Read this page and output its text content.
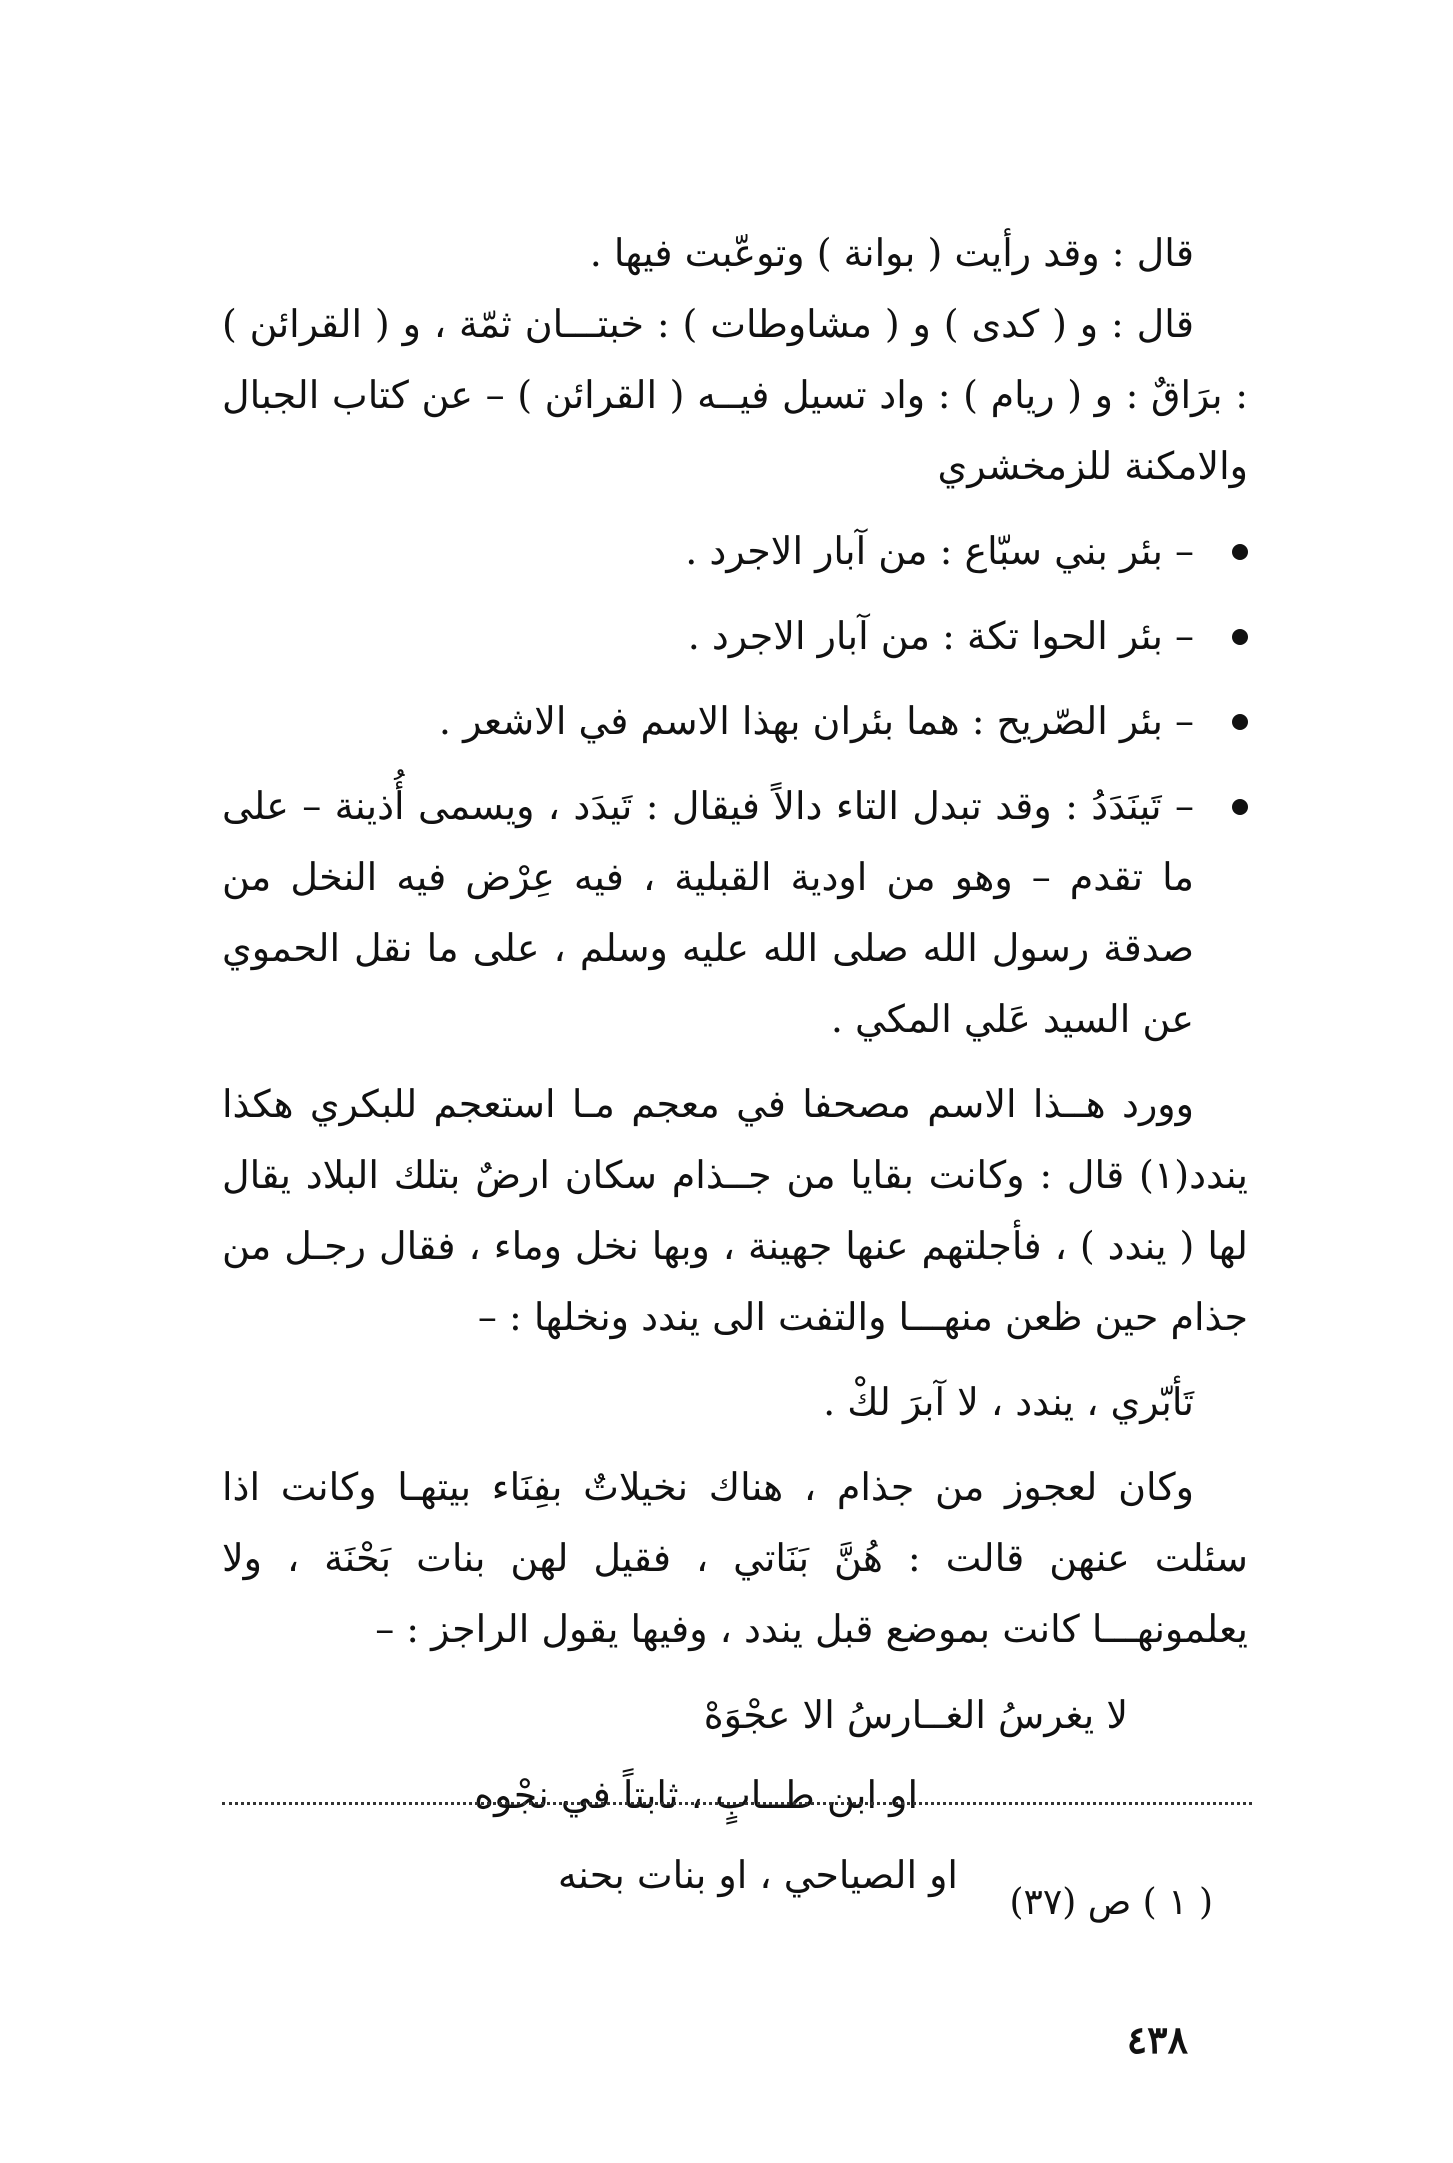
قال : وقد رأيت ( بوانة ) وتوعّبت فيها .

قال : و ( كدى ) و ( مشاوطات ) : خبتـــان ثمّة ، و ( القرائن ) : برَاقٌ : و ( ريام ) : واد تسيل فيــه ( القرائن ) – عن كتاب الجبال والامكنة للزمخشري

– بئر بني سبّاع : من آبار الاجرد .
– بئر الحوا تكة : من آبار الاجرد .
– بئر الصّريح : هما بئران بهذا الاسم في الاشعر .
– تَينَدَدُ : وقد تبدل التاء دالاً فيقال : تَيدَد ، ويسمى أُذينة – على ما تقدم – وهو من اودية القبلية ، فيه عِرْض فيه النخل من صدقة رسول الله صلى الله عليه وسلم ، على ما نقل الحموي عن السيد عَلي المكي .

وورد هــذا الاسم مصحفا في معجم مـا استعجم للبكري هكذا يندد(١) قال : وكانت بقايا من جــذام سكان ارضٌ بتلك البلاد يقال لها ( يندد ) ، فأجلتهم عنها جهينة ، وبها نخل وماء ، فقال رجـل من جذام حين ظعن منهـــا والتفت الى يندد ونخلها : –

تَأبّري ، يندد ، لا آبرَ لكْ .

وكان لعجوز من جذام ، هناك نخيلاتٌ بفِنَاء بيتهـا وكانت اذا سئلت عنهن قالت : هُنَّ بَنَاتي ، فقيل لهن بنات بَحْنَة ، ولا يعلمونهـــا كانت بموضع قبل يندد ، وفيها يقول الراجز : –

لا يغرسُ الغــارسُ الا عجْوَهْ
او ابن طــابٍ ، ثابتاً في نجْوه
او الصياحي ، او بنات بحنه
( ١ ) ص (٣٧)
٤٣٨
